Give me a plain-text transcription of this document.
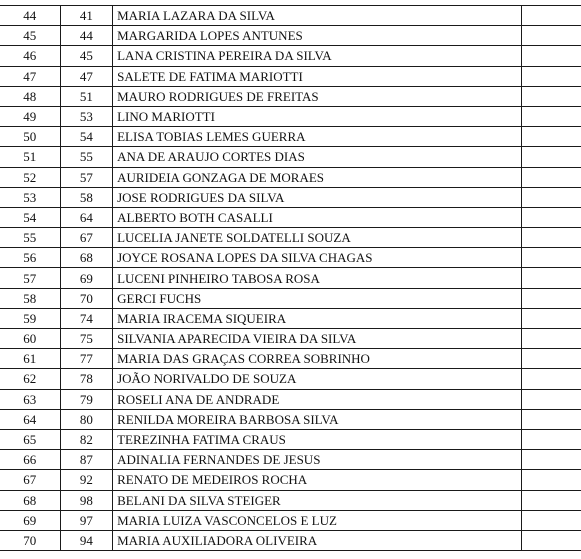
44	41	MARIA LAZARA DA SILVA	
45	44	MARGARIDA LOPES ANTUNES	
46	45	LANA CRISTINA PEREIRA DA SILVA	
47	47	SALETE DE FATIMA MARIOTTI	
48	51	MAURO RODRIGUES DE FREITAS	
49	53	LINO MARIOTTI	
50	54	ELISA TOBIAS LEMES GUERRA	
51	55	ANA DE ARAUJO CORTES DIAS	
52	57	AURIDEIA GONZAGA DE MORAES	
53	58	JOSE RODRIGUES DA SILVA	
54	64	ALBERTO BOTH CASALLI	
55	67	LUCELIA JANETE SOLDATELLI SOUZA	
56	68	JOYCE ROSANA LOPES DA SILVA CHAGAS	
57	69	LUCENI PINHEIRO TABOSA ROSA	
58	70	GERCI FUCHS	
59	74	MARIA IRACEMA SIQUEIRA	
60	75	SILVANIA APARECIDA VIEIRA DA SILVA	
61	77	MARIA DAS GRAÇAS CORREA SOBRINHO	
62	78	JOÃO NORIVALDO DE SOUZA	
63	79	ROSELI ANA DE ANDRADE	
64	80	RENILDA MOREIRA BARBOSA SILVA	
65	82	TEREZINHA FATIMA CRAUS	
66	87	ADINALIA FERNANDES DE JESUS	
67	92	RENATO DE MEDEIROS ROCHA	
68	98	BELANI DA SILVA STEIGER	
69	97	MARIA LUIZA VASCONCELOS E LUZ	
70	94	MARIA AUXILIADORA OLIVEIRA	
